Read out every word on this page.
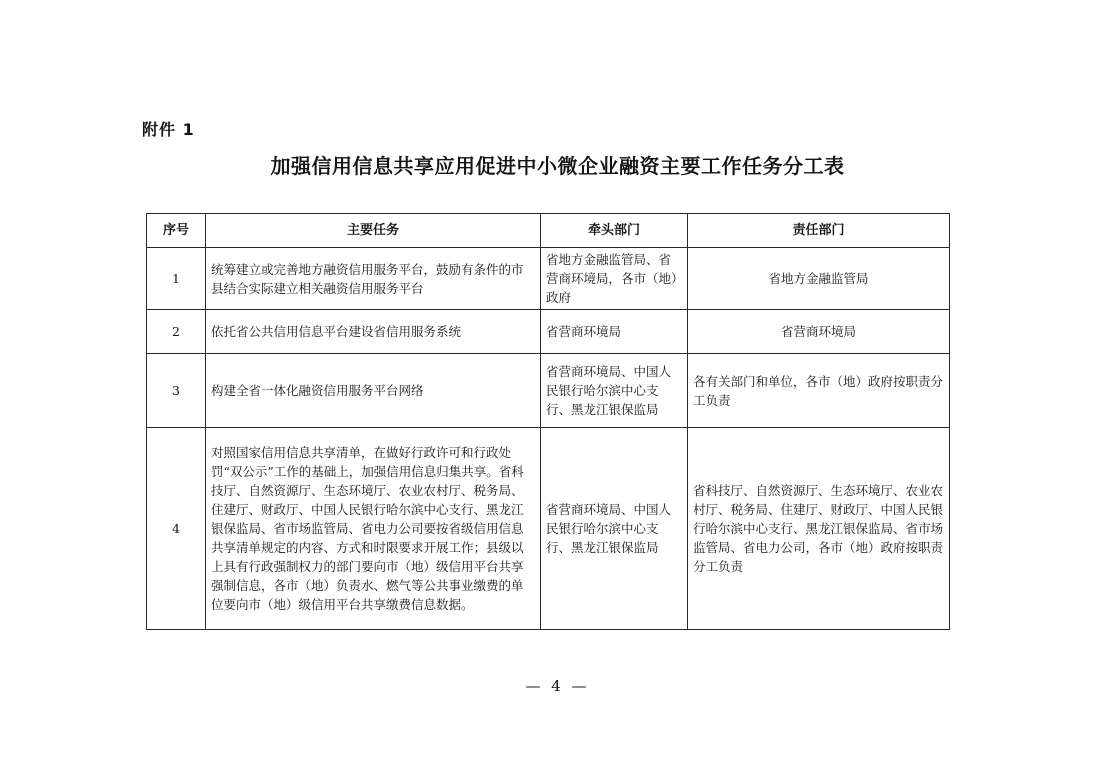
附件 1
加强信用信息共享应用促进中小微企业融资主要工作任务分工表
序号	主要任务	牵头部门	责任部门
1	统筹建立或完善地方融资信用服务平台，鼓励有条件的市县结合实际建立相关融资信用服务平台	省地方金融监管局、省营商环境局，各市（地）政府	省地方金融监管局
2	依托省公共信用信息平台建设省信用服务系统	省营商环境局	省营商环境局
3	构建全省一体化融资信用服务平台网络	省营商环境局、中国人民银行哈尔滨中心支行、黑龙江银保监局	各有关部门和单位，各市（地）政府按职责分工负责
4	对照国家信用信息共享清单，在做好行政许可和行政处罚“双公示”工作的基础上，加强信用信息归集共享。省科技厅、自然资源厅、生态环境厅、农业农村厅、税务局、住建厅、财政厅、中国人民银行哈尔滨中心支行、黑龙江银保监局、省市场监管局、省电力公司要按省级信用信息共享清单规定的内容、方式和时限要求开展工作；县级以上具有行政强制权力的部门要向市（地）级信用平台共享强制信息，各市（地）负责水、燃气等公共事业缴费的单位要向市（地）级信用平台共享缴费信息数据。	省营商环境局、中国人民银行哈尔滨中心支行、黑龙江银保监局	省科技厅、自然资源厅、生态环境厅、农业农村厅、税务局、住建厅、财政厅、中国人民银行哈尔滨中心支行、黑龙江银保监局、省市场监管局、省电力公司，各市（地）政府按职责分工负责
— 4 —
